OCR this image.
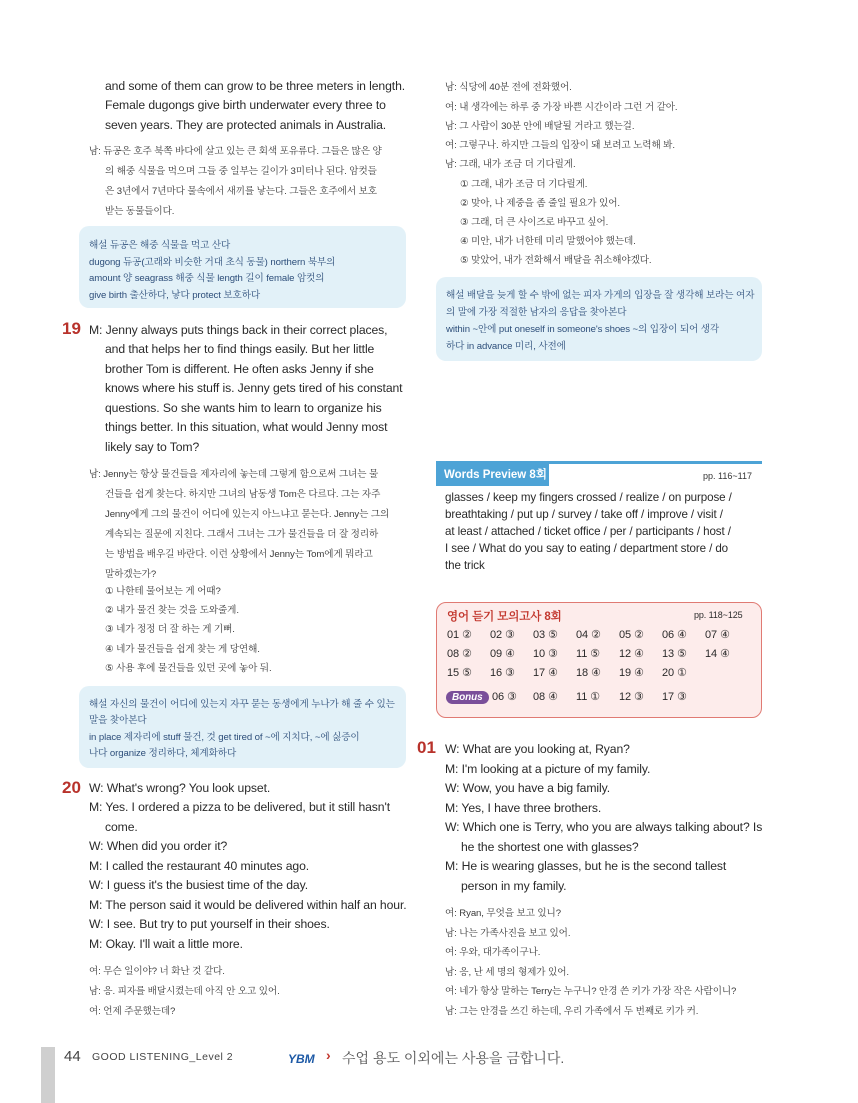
and some of them can grow to be three meters in length.
Female dugongs give birth underwater every three to
seven years. They are protected animals in Australia.
남: 듀공은 호주 북쪽 바다에 살고 있는 큰 회색 포유류다. 그들은 많은 양
의 해중 식물을 먹으며 그들 중 일부는 길이가 3미터나 된다. 암컷들
은 3년에서 7년마다 물속에서 새끼를 낳는다. 그들은 호주에서 보호
받는 동물들이다.
해설 듀공은 해중 식물을 먹고 산다
dugong 듀공(고래와 비슷한 거대 초식 동물) northern 북부의
amount 양 seagrass 해중 식물 length 길이 female 암컷의
give birth 출산하다, 낳다 protect 보호하다
19 M: Jenny always puts things back in their correct places,
and that helps her to find things easily. But her little
brother Tom is different. He often asks Jenny if she
knows where his stuff is. Jenny gets tired of his constant
questions. So she wants him to learn to organize his
things better. In this situation, what would Jenny most
likely say to Tom?
남: Jenny는 항상 물건들을 제자리에 놓는데 그렇게 함으로써 그녀는 물
건들을 쉽게 찾는다. 하지만 그녀의 남동생 Tom은 다르다. 그는 자주
Jenny에게 그의 물건이 어디에 있는지 아느냐고 묻는다. Jenny는 그의
계속되는 질문에 지친다. 그래서 그녀는 그가 물건들을 더 잘 정리하
는 방법을 배우길 바란다. 이런 상황에서 Jenny는 Tom에게 뭐라고
말하겠는가?
① 나한테 물어보는 게 어때?
② 내가 물건 찾는 것을 도와줄게.
③ 네가 정정 더 잘 하는 게 기뻐.
④ 네가 물건들을 쉽게 찾는 게 당연해.
⑤ 사용 후에 물건들을 있던 곳에 놓아 둬.
해설 자신의 물건이 어디에 있는지 자꾸 묻는 동생에게 누나가 해 줄 수 있는
말을 찾아본다
in place 제자리에 stuff 물건, 것 get tired of ~에 지치다, ~에 싫증이
나다 organize 정리하다, 체계화하다
20 W: What's wrong? You look upset.
M: Yes. I ordered a pizza to be delivered, but it still hasn't
come.
W: When did you order it?
M: I called the restaurant 40 minutes ago.
W: I guess it's the busiest time of the day.
M: The person said it would be delivered within half an hour.
W: I see. But try to put yourself in their shoes.
M: Okay. I'll wait a little more.
여: 무슨 일이야? 너 화난 것 같다.
남: 응. 피자를 배달시켰는데 아직 안 오고 있어.
여: 언제 주문했는데?
남: 식당에 40분 전에 전화했어.
여: 내 생각에는 하루 중 가장 바쁜 시간이라 그런 거 같아.
남: 그 사람이 30분 안에 배달될 거라고 했는걸.
여: 그렇구나. 하지만 그들의 입장이 돼 보려고 노력해 봐.
남: 그래, 내가 조금 더 기다릴게.
① 그래, 내가 조금 더 기다릴게.
② 맞아, 나 제중을 좀 줄일 필요가 있어.
③ 그래, 더 큰 사이즈로 바꾸고 싶어.
④ 미안, 내가 너한테 미리 말했어야 했는데.
⑤ 맞았어, 내가 전화해서 배달을 취소해야겠다.
해설 배달을 늦게 할 수 밖에 없는 피자 가게의 입장을 잘 생각해 보라는 여자
의 말에 가장 적절한 남자의 응답을 찾아본다
within ~안에 put oneself in someone's shoes ~의 입장이 되어 생각
하다 in advance 미리, 사전에
Words Preview 8회	pp. 116~117
glasses / keep my fingers crossed / realize / on purpose /
breathtaking / put up / survey / take off / improve / visit /
at least / attached / ticket office / per / participants / host /
I see / What do you say to eating / department store / do
the trick
영어 듣기 모의고사 8회	pp. 118~125
01 ② 02 ③ 03 ⑤ 04 ② 05 ② 06 ④ 07 ④
08 ② 09 ④ 10 ③ 11 ⑤ 12 ④ 13 ⑤ 14 ④
15 ⑤ 16 ③ 17 ④ 18 ④ 19 ④ 20 ①
Bonus 06 ③ 08 ④ 11 ① 12 ③ 17 ③
01 W: What are you looking at, Ryan?
M: I'm looking at a picture of my family.
W: Wow, you have a big family.
M: Yes, I have three brothers.
W: Which one is Terry, who you are always talking about? Is
he the shortest one with glasses?
M: He is wearing glasses, but he is the second tallest
person in my family.
여: Ryan, 무엇을 보고 있니?
남: 나는 가족사진을 보고 있어.
여: 우와, 대가족이구나.
남: 응, 난 세 명의 형제가 있어.
여: 네가 항상 말하는 Terry는 누구니? 안경 쓴 키가 가장 작은 사람이니?
남: 그는 안경을 쓰긴 하는데, 우리 가족에서 두 번째로 키가 커.
44 GOOD LISTENING_Level 2	YBM › 수업 용도 이외에는 사용을 금합니다.
